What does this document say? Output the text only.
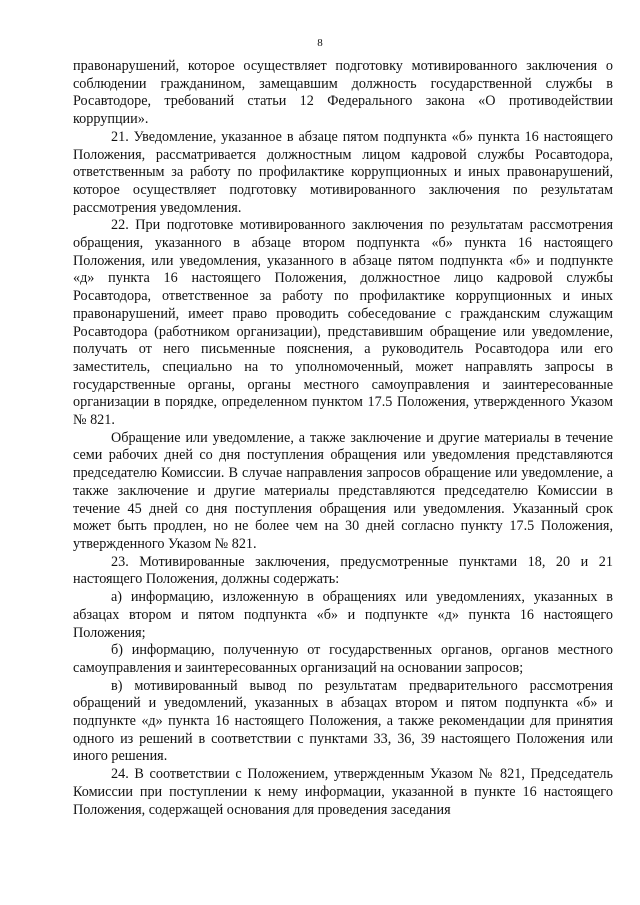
8

правонарушений, которое осуществляет подготовку мотивированного заключения о соблюдении гражданином, замещавшим должность государственной службы в Росавтодоре, требований статьи 12 Федерального закона «О противодействии коррупции».

21. Уведомление, указанное в абзаце пятом подпункта «б» пункта 16 настоящего Положения, рассматривается должностным лицом кадровой службы Росавтодора, ответственным за работу по профилактике коррупционных и иных правонарушений, которое осуществляет подготовку мотивированного заключения по результатам рассмотрения уведомления.

22. При подготовке мотивированного заключения по результатам рассмотрения обращения, указанного в абзаце втором подпункта «б» пункта 16 настоящего Положения, или уведомления, указанного в абзаце пятом подпункта «б» и подпункте «д» пункта 16 настоящего Положения, должностное лицо кадровой службы Росавтодора, ответственное за работу по профилактике коррупционных и иных правонарушений, имеет право проводить собеседование с гражданским служащим Росавтодора (работником организации), представившим обращение или уведомление, получать от него письменные пояснения, а руководитель Росавтодора или его заместитель, специально на то уполномоченный, может направлять запросы в государственные органы, органы местного самоуправления и заинтересованные организации в порядке, определенном пунктом 17.5 Положения, утвержденного Указом № 821.

Обращение или уведомление, а также заключение и другие материалы в течение семи рабочих дней со дня поступления обращения или уведомления представляются председателю Комиссии. В случае направления запросов обращение или уведомление, а также заключение и другие материалы представляются председателю Комиссии в течение 45 дней со дня поступления обращения или уведомления. Указанный срок может быть продлен, но не более чем на 30 дней согласно пункту 17.5 Положения, утвержденного Указом № 821.

23. Мотивированные заключения, предусмотренные пунктами 18, 20 и 21 настоящего Положения, должны содержать:

а) информацию, изложенную в обращениях или уведомлениях, указанных в абзацах втором и пятом подпункта «б» и подпункте «д» пункта 16 настоящего Положения;

б) информацию, полученную от государственных органов, органов местного самоуправления и заинтересованных организаций на основании запросов;

в) мотивированный вывод по результатам предварительного рассмотрения обращений и уведомлений, указанных в абзацах втором и пятом подпункта «б» и подпункте «д» пункта 16 настоящего Положения, а также рекомендации для принятия одного из решений в соответствии с пунктами 33, 36, 39 настоящего Положения или иного решения.

24. В соответствии с Положением, утвержденным Указом № 821, Председатель Комиссии при поступлении к нему информации, указанной в пункте 16 настоящего Положения, содержащей основания для проведения заседания
